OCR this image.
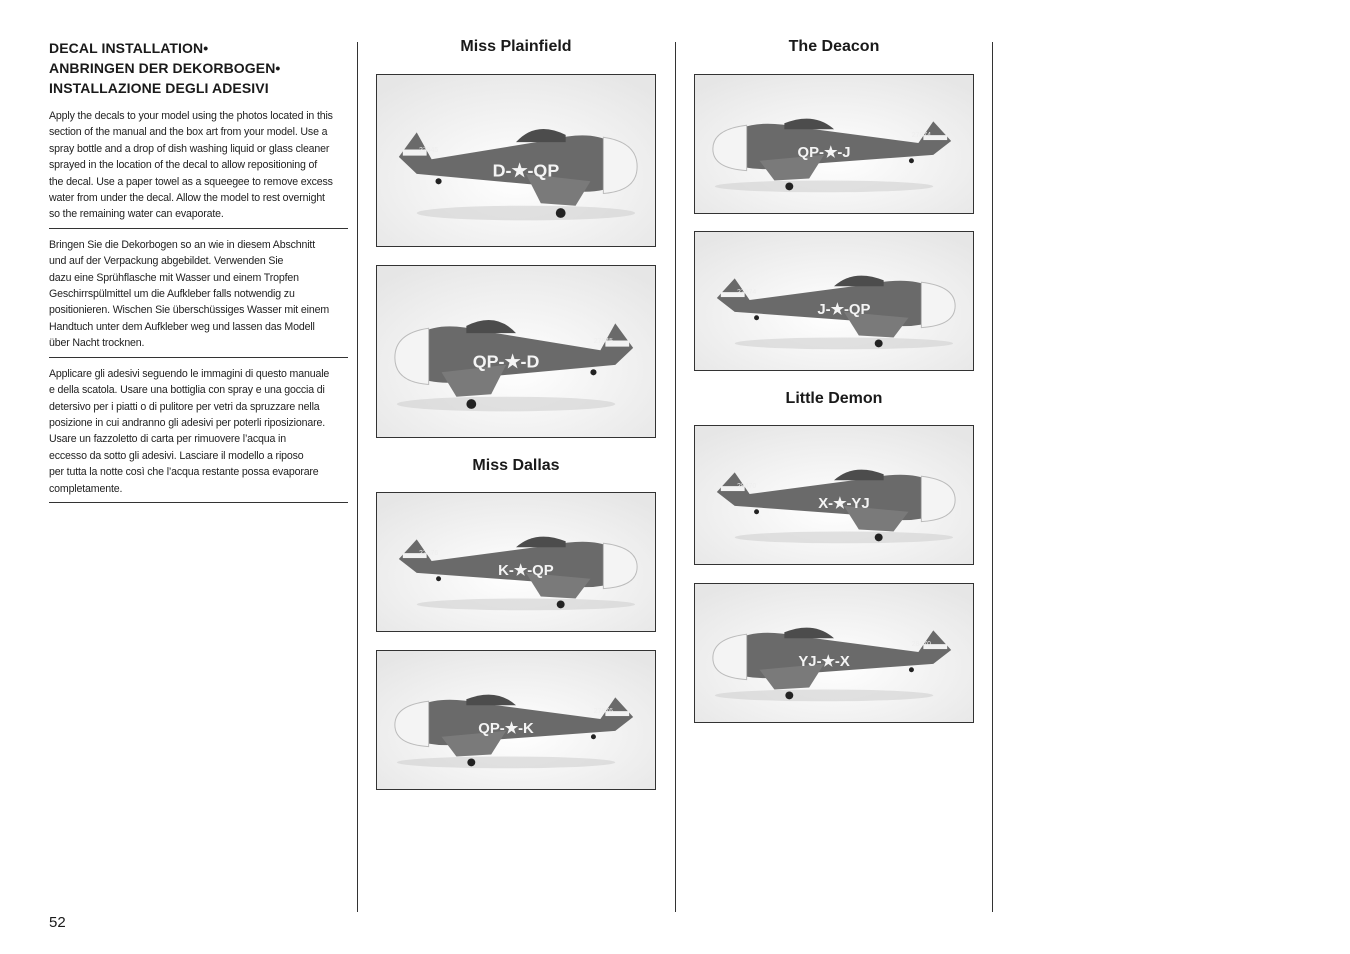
DECAL INSTALLATION•
ANBRINGEN DER DEKORBOGEN•
INSTALLAZIONE DEGLI ADESIVI
Apply the decals to your model using the photos located in this
section of the manual and the box art from your model. Use a
spray bottle and a drop of dish washing liquid or glass cleaner
sprayed in the location of the decal to allow repositioning of
the decal. Use a paper towel as a squeegee to remove excess
water from under the decal. Allow the model to rest overnight
so the remaining water can evaporate.
Bringen Sie die Dekorbogen so an wie in diesem Abschnitt
und auf der Verpackung abgebildet. Verwenden Sie
dazu eine Sprühflasche mit Wasser und einem Tropfen
Geschirrspülmittel um die Aufkleber falls notwendig zu
positionieren. Wischen Sie überschüssiges Wasser mit einem
Handtuch unter dem Aufkleber weg und lassen das Modell
über Nacht trocknen.
Applicare gli adesivi seguendo le immagini di questo manuale
e della scatola. Usare una bottiglia con spray e una goccia di
detersivo per i piatti o di pulitore per vetri da spruzzare nella
posizione in cui andranno gli adesivi per poterli riposizionare.
Usare un fazzoletto di carta per rimuovere l’acqua in
eccesso da sotto gli adesivi. Lasciare il modello a riposo
per tutta la notte così che l’acqua restante possa evaporare
completamente.
Miss Plainfield
Miss Dallas
The Deacon
Little Demon
D-★-QP
27845
QP-★-D
27845
K-★-QP
27876
QP-★-K
27876
QP-★-J
27874
J-★-QP
27874
X-★-YJ
28470
YJ-★-X
28470
52
